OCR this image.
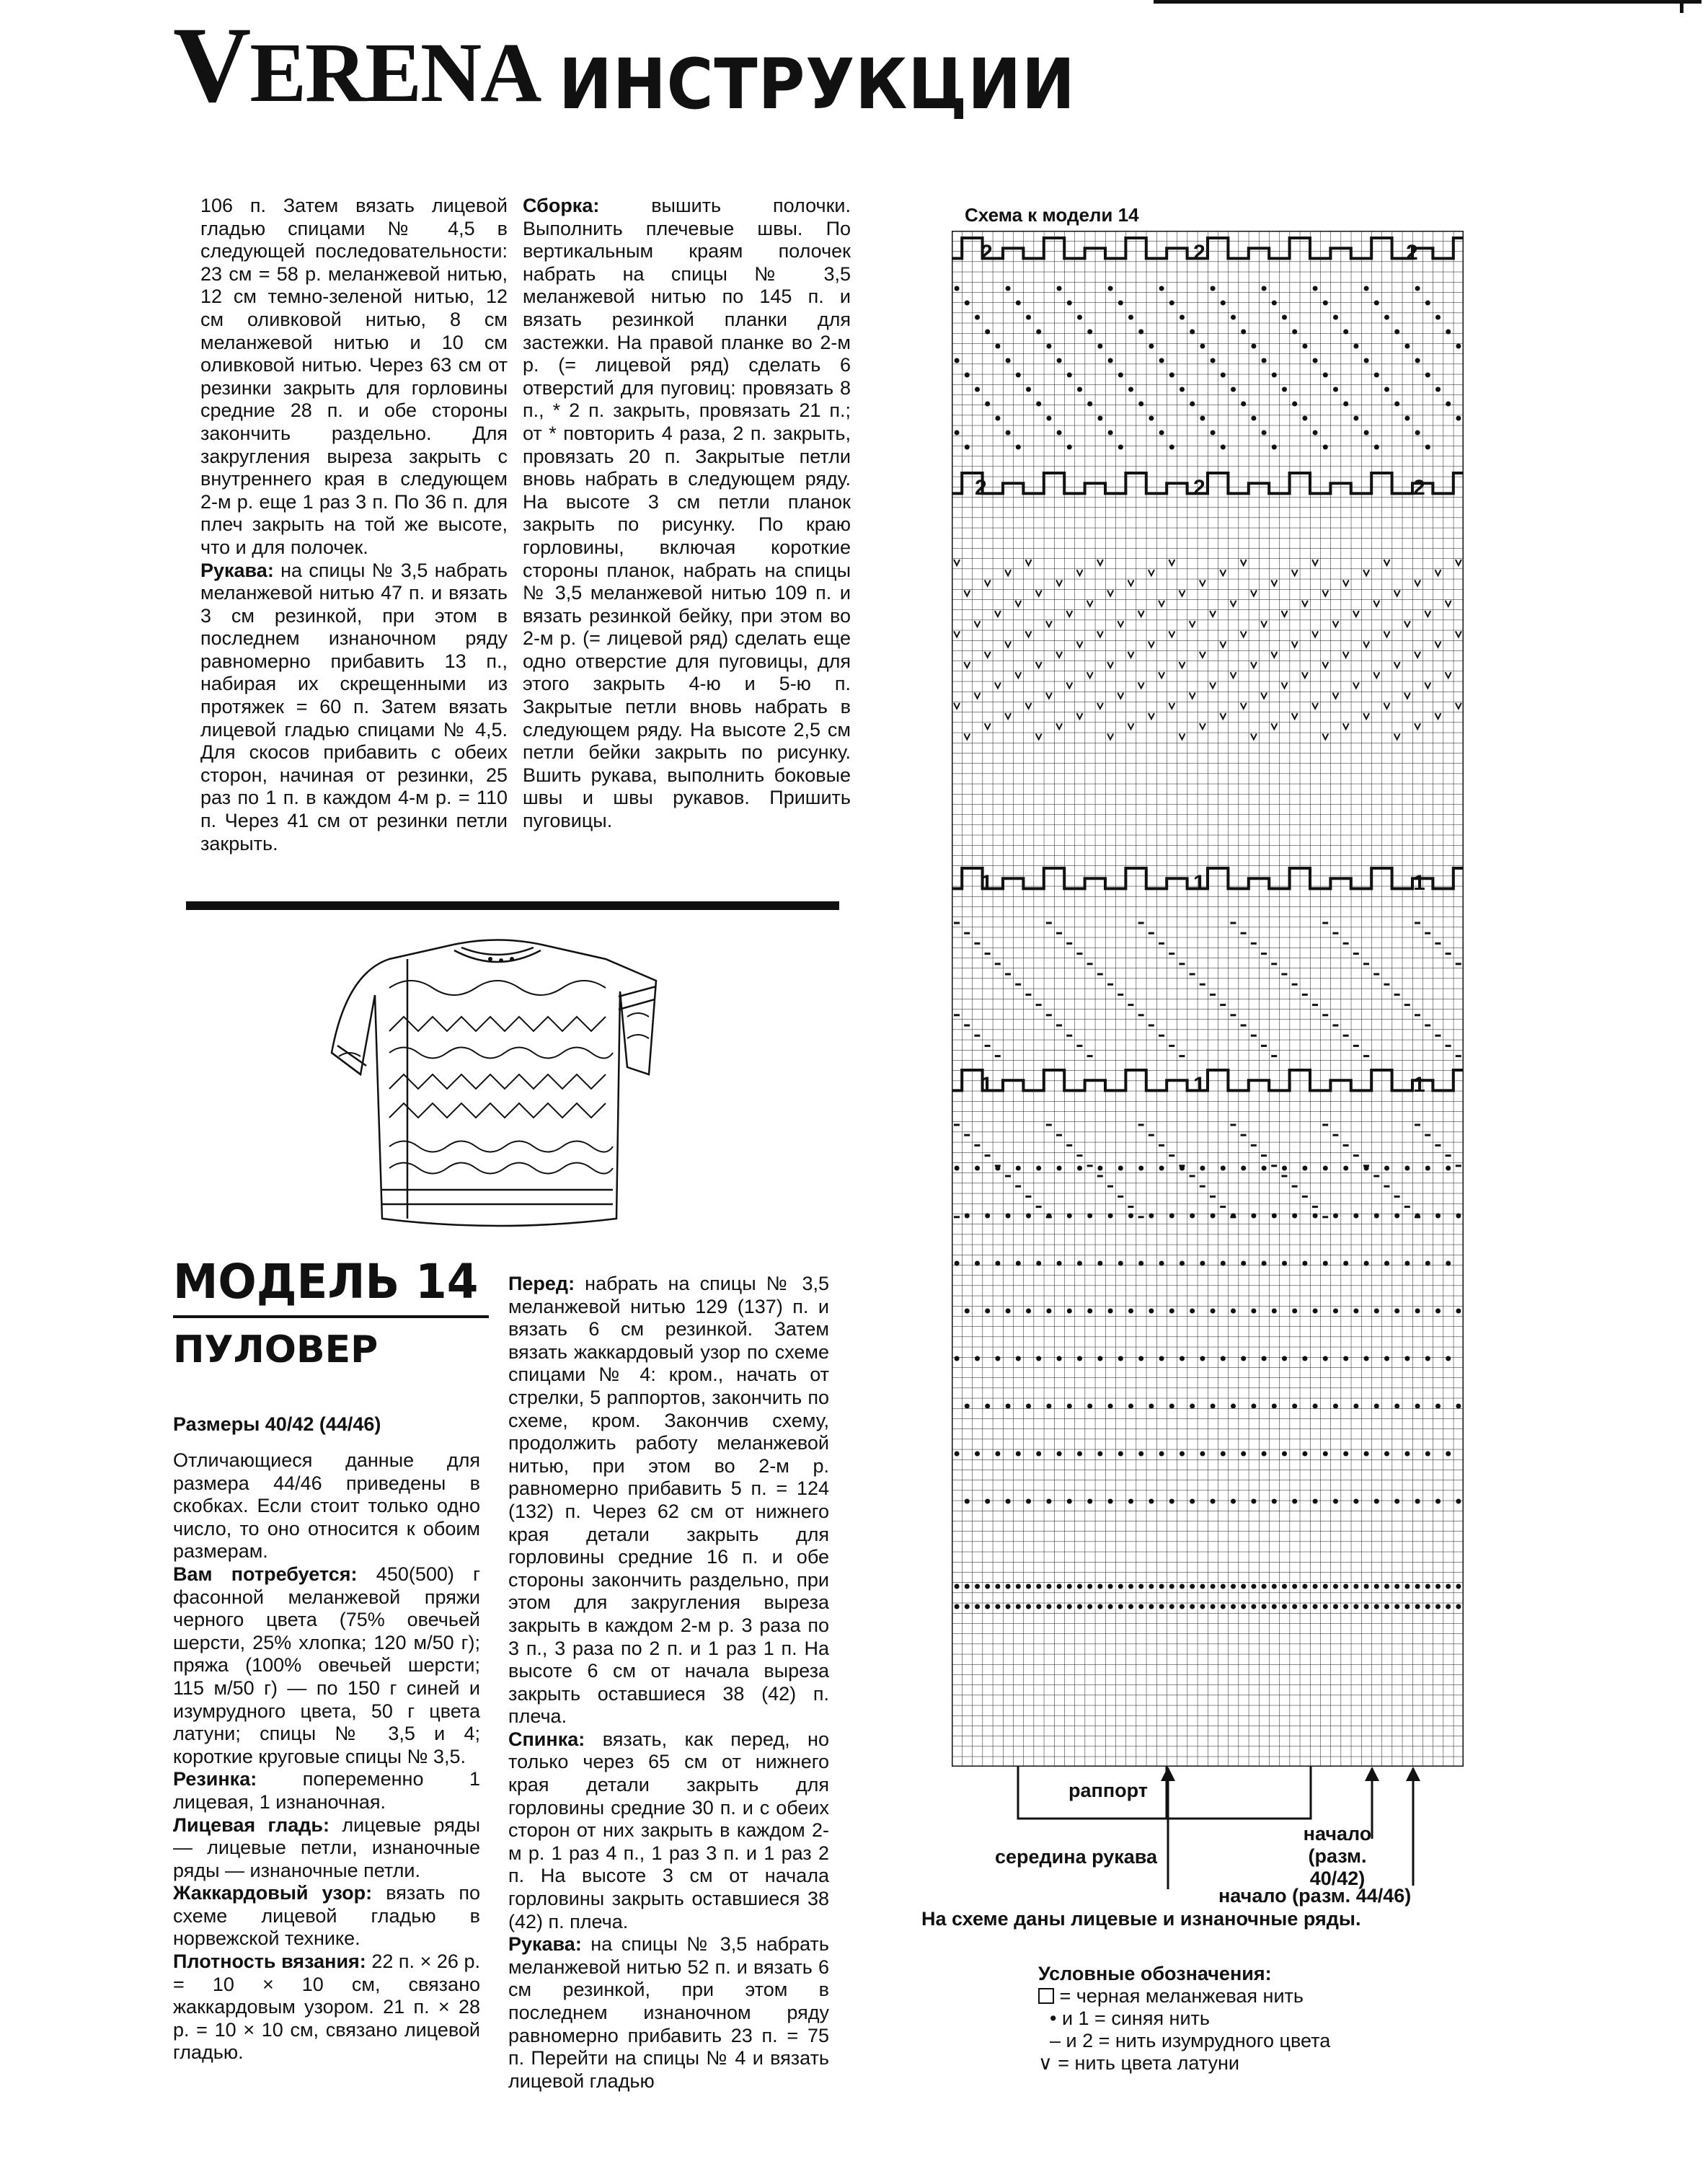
VERENA ИНСТРУКЦИИ

106 п. Затем вязать лицевой гладью спицами № 4,5 в следующей последовательности: 23 см = 58 р. меланжевой нитью, 12 см темно-зеленой нитью, 12 см оливковой нитью, 8 см меланжевой нитью и 10 см оливковой нитью. Через 63 см от резинки закрыть для горловины средние 28 п. и обе стороны закончить раздельно. Для закругления выреза закрыть с внутреннего края в следующем 2-м р. еще 1 раз 3 п. По 36 п. для плеч закрыть на той же высоте, что и для полочек.

Рукава: на спицы № 3,5 набрать меланжевой нитью 47 п. и вязать 3 см резинкой, при этом в последнем изнаночном ряду равномерно прибавить 13 п., набирая их скрещенными из протяжек = 60 п. Затем вязать лицевой гладью спицами № 4,5. Для скосов прибавить с обеих сторон, начиная от резинки, 25 раз по 1 п. в каждом 4-м р. = 110 п. Через 41 см от резинки петли закрыть.

Сборка:	вышить полочки. Выполнить плечевые швы. По вертикальным краям полочек набрать на спицы № 3,5 меланжевой нитью по 145 п. и вязать резинкой планки для застежки. На правой планке во 2-м р. (= лицевой ряд) сделать 6 отверстий для пуговиц: провязать 8 п., * 2 п. закрыть, провязать 21 п.; от * повторить 4 раза, 2 п. закрыть, провязать 20 п. Закрытые петли вновь набрать в следующем ряду. На высоте 3 см петли планок закрыть по рисунку. По краю горловины, включая короткие стороны планок, набрать на спицы № 3,5 меланжевой нитью 109 п. и вязать резинкой бейку, при этом во 2-м р. (= лицевой ряд) сделать еще одно отверстие для пуговицы, для этого закрыть 4-ю и 5-ю п. Закрытые петли вновь набрать в следующем ряду. На высоте 2,5 см петли бейки закрыть по рисунку. Вшить рукава, выполнить боковые швы и швы рукавов. Пришить пуговицы.

МОДЕЛЬ 14
ПУЛОВЕР
Размеры 40/42 (44/46)

Отличающиеся данные для размера 44/46 приведены в скобках. Если стоит только одно число, то оно относится к обоим размерам.

Вам потребуется: 450(500) г фасонной меланжевой пряжи черного цвета (75% овечьей шерсти, 25% хлопка; 120 м/50 г); пряжа (100% овечьей шерсти; 115 м/50 г) — по 150 г синей и изумрудного цвета, 50 г цвета латуни; спицы № 3,5 и 4; короткие круговые спицы № 3,5.

Резинка: попеременно 1 лицевая, 1 изнаночная.

Лицевая гладь: лицевые ряды — лицевые петли, изнаночные ряды — изнаночные петли.

Жаккардовый узор: вязать по схеме лицевой гладью в норвежской технике.

Плотность вязания: 22 п. × 26 р. = 10 × 10 см, связано жаккардовым узором. 21 п. × 28 р. = 10 × 10 см, связано лицевой гладью.

Перед: набрать на спицы № 3,5 меланжевой нитью 129 (137) п. и вязать 6 см резинкой. Затем вязать жаккардовый узор по схеме спицами № 4: кром., начать от стрелки, 5 раппортов, закончить по схеме, кром. Закончив схему, продолжить работу меланжевой нитью, при этом во 2-м р. равномерно прибавить 5 п. = 124 (132) п. Через 62 см от нижнего края детали закрыть для горловины средние 16 п. и обе стороны закончить раздельно, при этом для закругления выреза закрыть в каждом 2-м р. 3 раза по 3 п., 3 раза по 2 п. и 1 раз 1 п. На высоте 6 см от начала выреза закрыть оставшиеся 38 (42) п. плеча.

Спинка: вязать, как перед, но только через 65 см от нижнего края детали закрыть для горловины средние 30 п. и с обеих сторон от них закрыть в каждом 2-м р. 1 раз 4 п., 1 раз 3 п. и 1 раз 2 п. На высоте 3 см от начала горловины закрыть оставшиеся 38 (42) п. плеча.

Рукава: на спицы № 3,5 набрать меланжевой нитью 52 п. и вязать 6 см резинкой, при этом в последнем изнаночном ряду равномерно прибавить 23 п. = 75 п. Перейти на спицы № 4 и вязать лицевой гладью

Схема к модели 14
2	2	2
2	2	2
1	1	1
1	1	1
раппорт
середина рукава
начало
(разм. 40/42)
начало (разм. 44/46)
На схеме даны лицевые и изнаночные ряды.
Условные обозначения:
= черная меланжевая нить
• и 1 = синяя нить
– и 2 = нить изумрудного цвета
∨ = нить цвета латуни
